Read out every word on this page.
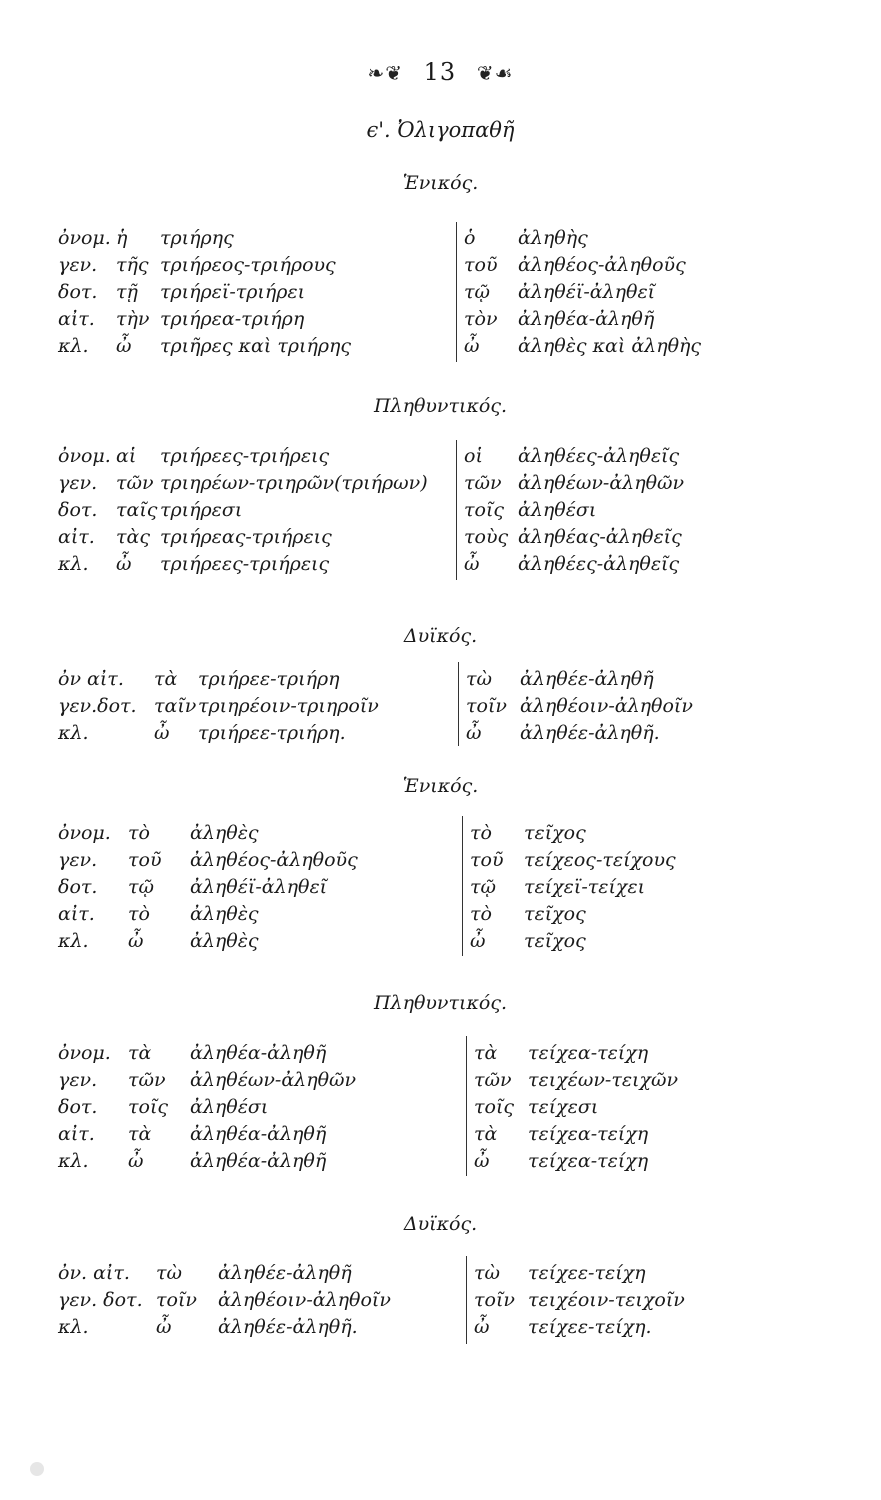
❧❦ 13 ❦☙
ϵ'. Ὀλιγοπαθῆ
Ἑνικός.
ὀνομ. ἡ τριήρης
γεν. τῆς τριήρεος-τριήρους
δοτ. τῇ τριήρεϊ-τριήρει
αἰτ. τὴν τριήρεα-τριήρη
κλ. ὦ τριῆρες καὶ τριήρης
ὁ ἀληθὴς
τοῦ ἀληθέος-ἀληθοῦς
τῷ ἀληθέϊ-ἀληθεῖ
τὸν ἀληθέα-ἀληθῆ
ὦ ἀληθὲς καὶ ἀληθὴς
Πληθυντικός.
ὀνομ. αἱ τριήρεες-τριήρεις
γεν. τῶν τριηρέων-τριηρῶν(τριήρων)
δοτ. ταῖς τριήρεσι
αἰτ. τὰς τριήρεας-τριήρεις
κλ. ὦ τριήρεες-τριήρεις
οἱ ἀληθέες-ἀληθεῖς
τῶν ἀληθέων-ἀληθῶν
τοῖς ἀληθέσι
τοὺς ἀληθέας-ἀληθεῖς
ὦ ἀληθέες-ἀληθεῖς
Δυϊκός.
ὀν αἰτ. τὰ τριήρεε-τριήρη
γεν.δοτ. ταῖντριηρέοιν-τριηροῖν
κλ.	ὦ τριήρεε-τριήρη.
τὼ ἀληθέε-ἀληθῆ
τοῖν ἀληθέοιν-ἀληθοῖν
ὦ ἀληθέε-ἀληθῆ.
Ἑνικός.
ὀνομ. τὸ ἀληθὲς
γεν. τοῦ ἀληθέος-ἀληθοῦς
δοτ. τῷ ἀληθέϊ-ἀληθεῖ
αἰτ. τὸ ἀληθὲς
κλ. ὦ ἀληθὲς
τὸ τεῖχος
τοῦ τείχεος-τείχους
τῷ τείχεϊ-τείχει
τὸ τεῖχος
ὦ τεῖχος
Πληθυντικός.
ὀνομ. τὰ ἀληθέα-ἀληθῆ
γεν. τῶν ἀληθέων-ἀληθῶν
δοτ. τοῖς ἀληθέσι
αἰτ. τὰ ἀληθέα-ἀληθῆ
κλ. ὦ ἀληθέα-ἀληθῆ
τὰ τείχεα-τείχη
τῶν τειχέων-τειχῶν
τοῖς τείχεσι
τὰ τείχεα-τείχη
ὦ τείχεα-τείχη
Δυϊκός.
ὀν. αἰτ. τὼ ἀληθέε-ἀληθῆ
γεν. δοτ. τοῖν ἀληθέοιν-ἀληθοῖν
κλ.	ὦ ἀληθέε-ἀληθῆ.
τὼ τείχεε-τείχη
τοῖν τειχέοιν-τειχοῖν
ὦ τείχεε-τείχη.
